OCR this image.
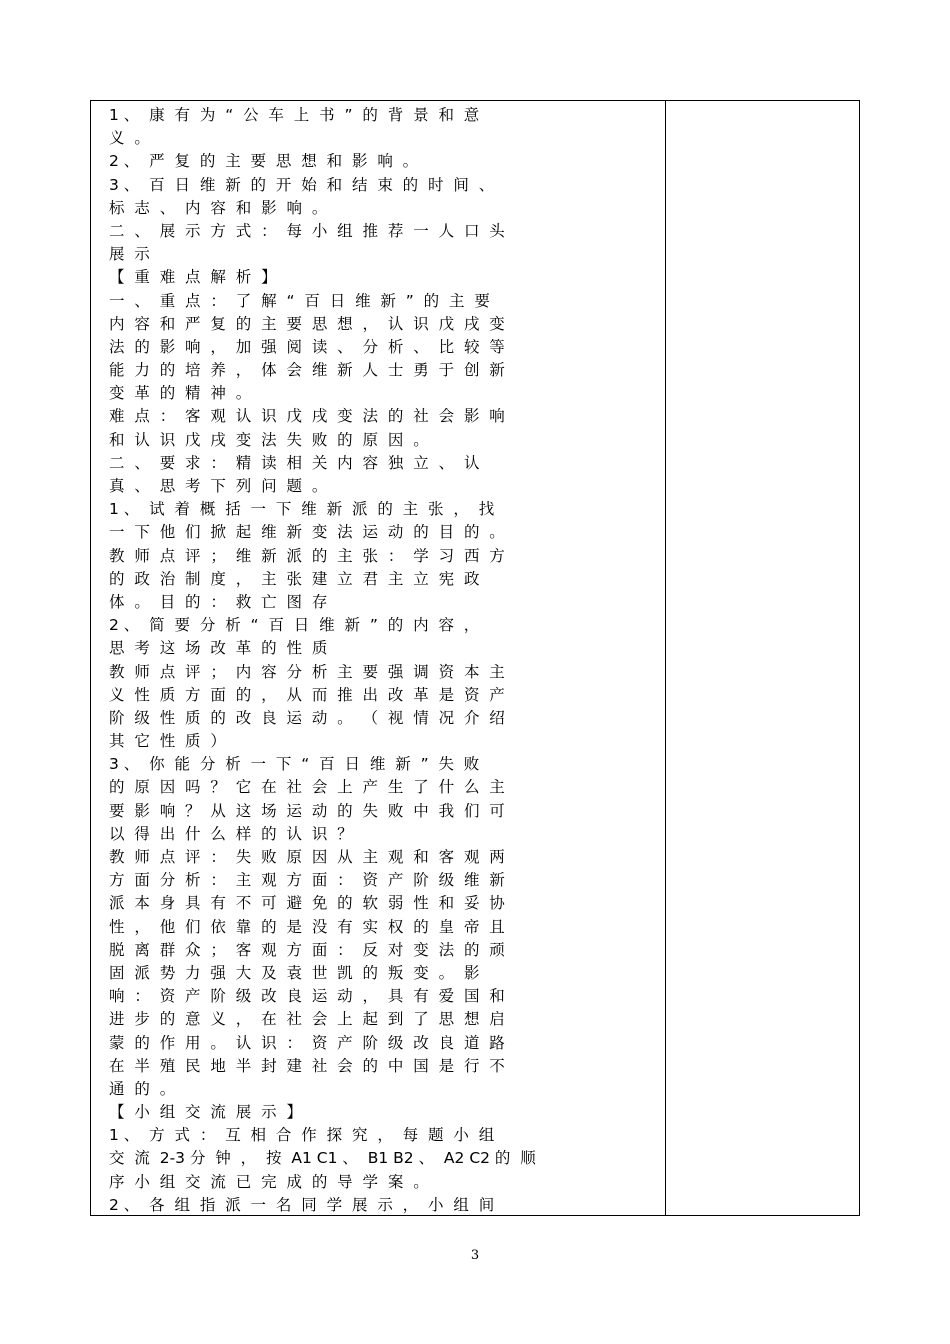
1 、  康  有  为  “  公  车  上  书  ”  的  背  景  和  意
义  。
2 、  严  复  的  主  要  思  想  和  影  响  。
3 、  百  日  维  新  的  开  始  和  结  束  的  时  间  、
标  志  、  内  容  和  影  响  。
二  、  展  示  方  式  ：  每  小  组  推  荐  一  人  口  头
展  示
【  重  难  点  解  析  】
一  、  重  点  ：  了  解  “  百  日  维  新  ”  的  主  要
内  容  和  严  复  的  主  要  思  想  ，  认  识  戊  戌  变
法  的  影  响  ，  加  强  阅  读  、  分  析  、  比  较  等
能  力  的  培  养  ，  体  会  维  新  人  士  勇  于  创  新
变  革  的  精  神  。
难  点  ：  客  观  认  识  戊  戌  变  法  的  社  会  影  响
和  认  识  戊  戌  变  法  失  败  的  原  因  。
二  、  要  求  ：  精  读  相  关  内  容  独  立  、  认
真  、  思  考  下  列  问  题  。
1 、  试  着  概  括  一  下  维  新  派  的  主  张  ，  找
一  下  他  们  掀  起  维  新  变  法  运  动  的  目  的  。
教  师  点  评  ；  维  新  派  的  主  张  ：  学  习  西  方
的  政  治  制  度  ，  主  张  建  立  君  主  立  宪  政
体  。  目  的  ：  救  亡  图  存
2 、  简  要  分  析  “  百  日  维  新  ”  的  内  容  ，
思  考  这  场  改  革  的  性  质
教  师  点  评  ；  内  容  分  析  主  要  强  调  资  本  主
义  性  质  方  面  的  ，  从  而  推  出  改  革  是  资  产
阶  级  性  质  的  改  良  运  动  。  （  视  情  况  介  绍
其  它  性  质  ）
3 、  你  能  分  析  一  下  “  百  日  维  新  ”  失  败
的  原  因  吗  ？  它  在  社  会  上  产  生  了  什  么  主
要  影  响  ？  从  这  场  运  动  的  失  败  中  我  们  可
以  得  出  什  么  样  的  认  识  ？
教  师  点  评  ：  失  败  原  因  从  主  观  和  客  观  两
方  面  分  析  ：  主  观  方  面  ：  资  产  阶  级  维  新
派  本  身  具  有  不  可  避  免  的  软  弱  性  和  妥  协
性  ，  他  们  依  靠  的  是  没  有  实  权  的  皇  帝  且
脱  离  群  众  ；  客  观  方  面  ：  反  对  变  法  的  顽
固  派  势  力  强  大  及  袁  世  凯  的  叛  变  。  影
响  ：  资  产  阶  级  改  良  运  动  ，  具  有  爱  国  和
进  步  的  意  义  ，  在  社  会  上  起  到  了  思  想  启
蒙  的  作  用  。  认  识  ：  资  产  阶  级  改  良  道  路
在  半  殖  民  地  半  封  建  社  会  的  中  国  是  行  不
通  的  。
【  小  组  交  流  展  示  】
1 、  方  式  ：  互  相  合  作  探  究  ，  每  题  小  组
交  流  2-3 分  钟  ，  按  A1 C1 、  B1 B2 、  A2 C2 的  顺
序  小  组  交  流  已  完  成  的  导  学  案  。
2 、  各  组  指  派  一  名  同  学  展  示  ，  小  组  间
3
